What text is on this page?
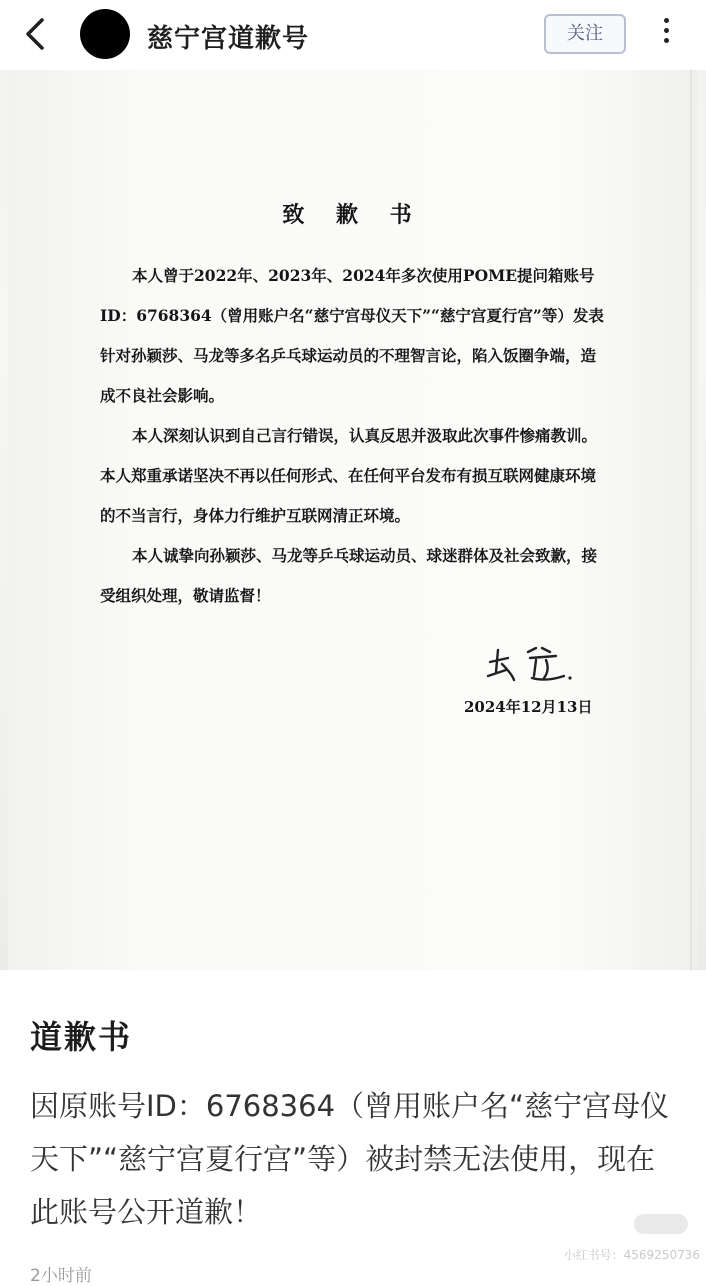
慈宁宫道歉号	关注
致 歉 书
本人曾于2022年、2023年、2024年多次使用POME提问箱账号ID：6768364（曾用账户名“慈宁宫母仪天下”“慈宁宫夏行宫”等）发表针对孙颖莎、马龙等多名乒乓球运动员的不理智言论，陷入饭圈争端，造成不良社会影响。
本人深刻认识到自己言行错误，认真反思并汲取此次事件惨痛教训。本人郑重承诺坚决不再以任何形式、在任何平台发布有损互联网健康环境的不当言行，身体力行维护互联网清正环境。
本人诚挚向孙颖莎、马龙等乒乓球运动员、球迷群体及社会致歉，接受组织处理，敬请监督！
2024年12月13日
道歉书
因原账号ID：6768364（曾用账户名“慈宁宫母仪天下”“慈宁宫夏行宫”等）被封禁无法使用，现在此账号公开道歉！
2小时前
小红书号：4569250736
